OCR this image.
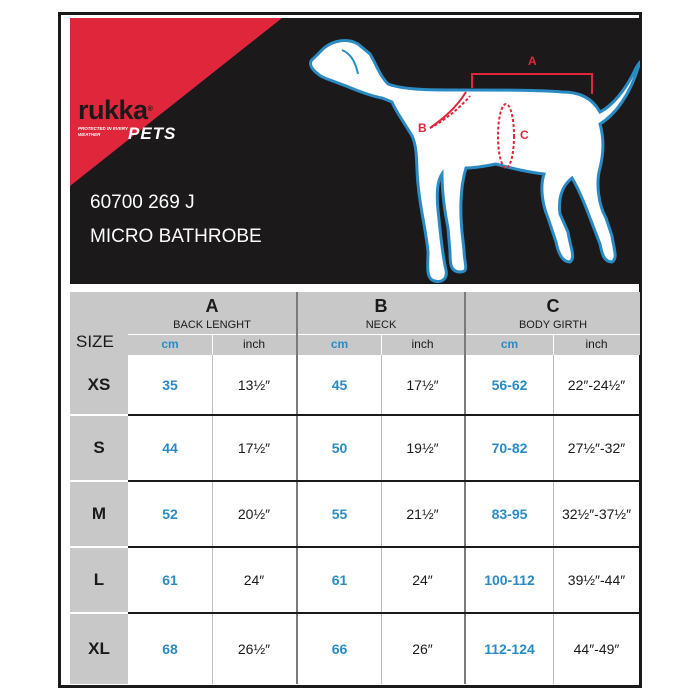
rukka®
PROTECTED IN EVERY WEATHER	PETS
60700 269 J
MICRO BATHROBE
A
B	C
SIZE
A
BACK LENGHT
cm	inch
B
NECK
cm	inch
C
BODY GIRTH
cm	inch
XS	35	13½″	45	17½″	56-62	22″-24½″
S	44	17½″	50	19½″	70-82	27½″-32″
M	52	20½″	55	21½″	83-95	32½″-37½″
L	61	24″	61	24″	100-112	39½″-44″
XL	68	26½″	66	26″	112-124	44″-49″
